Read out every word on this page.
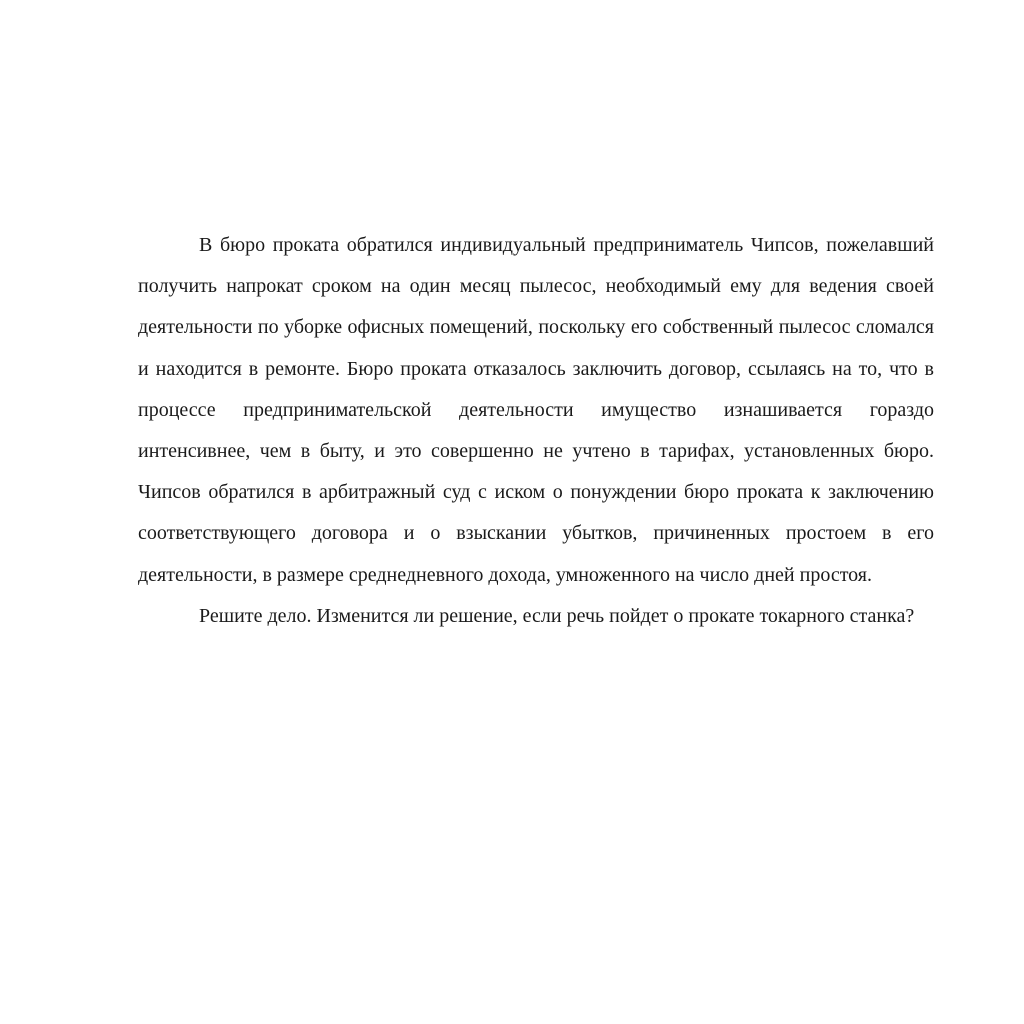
В бюро проката обратился индивидуальный предприниматель Чипсов, пожелавший получить напрокат сроком на один месяц пылесос, необходимый ему для ведения своей деятельности по уборке офисных помещений, поскольку его собственный пылесос сломался и находится в ремонте. Бюро проката отказалось заключить договор, ссылаясь на то, что в процессе предпринимательской деятельности имущество изнашивается гораздо интенсивнее, чем в быту, и это совершенно не учтено в тарифах, установленных бюро. Чипсов обратился в арбитражный суд с иском о понуждении бюро проката к заключению соответствующего договора и о взыскании убытков, причиненных простоем в его деятельности, в размере среднедневного дохода, умноженного на число дней простоя.

Решите дело. Изменится ли решение, если речь пойдет о прокате токарного станка?
